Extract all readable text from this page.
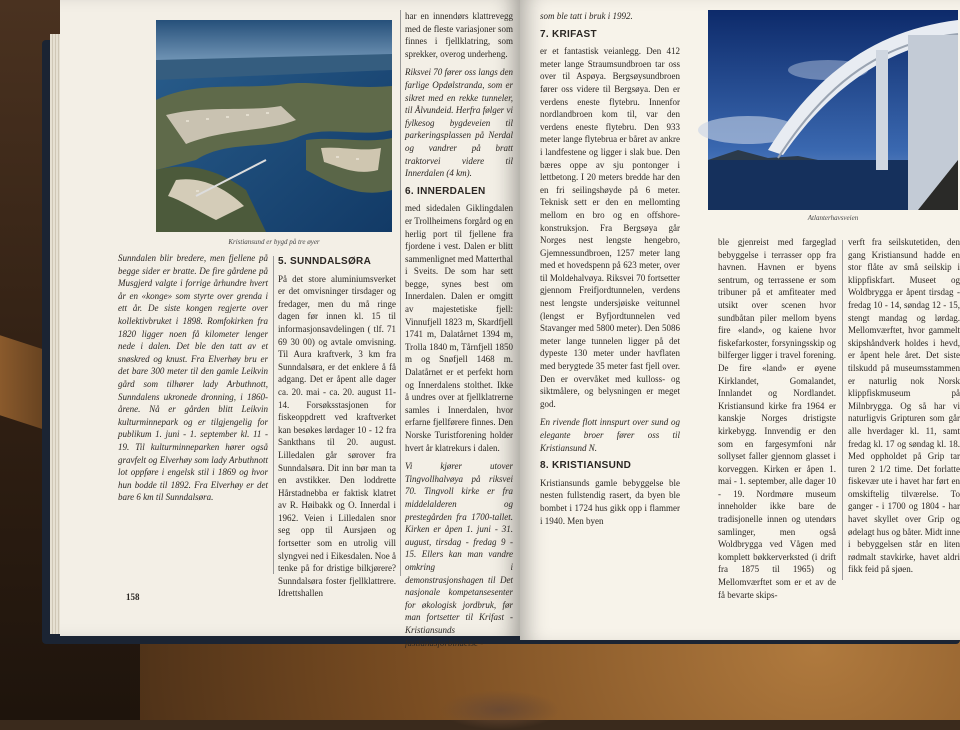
Kristiansund er bygd på tre øyer

Sunndalen blir bredere, men fjellene på begge sider er bratte. De fire gårdene på Musgjerd valgte i forrige århundre hvert år en «konge» som styrte over grenda i ett år. De siste kongen regjerte over kollektivbruket i 1898. Romfokirken fra 1820 ligger noen få kilometer lenger nede i dalen. Det ble den tatt av et snøskred og knust. Fra Elverhøy bru er det bare 300 meter til den gamle Leikvin gård som tilhører lady Arbuthnott, Sunndalens ukronede dronning, i 1860-årene. Nå er gården blitt Leikvin kulturminnepark og er tilgjengelig for publikum 1. juni - 1. september kl. 11 - 19. Til kulturminneparken hører også gravfelt og Elverhøy som lady Arbuthnott lot oppføre i engelsk stil i 1869 og hvor hun bodde til 1892. Fra Elverhøy er det bare 6 km til Sunndalsøra.

5. SUNNDALSØRA

På det store aluminiumsverket er det omvisninger tirsdager og fredager, men du må ringe dagen før innen kl. 15 til informasjonsavdelingen ( tlf. 71 69 30 00) og avtale omvisning. Til Aura kraftverk, 3 km fra Sunndalsøra, er det enklere å få adgang. Det er åpent alle dager ca. 20. mai - ca. 20. august 11-14. Forsøksstasjonen for fiskeoppdrett ved kraftverket kan besøkes lørdager 10 - 12 fra Sankthans til 20. august. Lilledalen går sørover fra Sunndalsøra. Dit inn bør man ta en avstikker. Den loddrette Hårstadnebba er faktisk klatret av R. Høibakk og O. Innerdal i 1962. Veien i Lilledalen snor seg opp til Aursjøen og fortsetter som en utrolig vill slyngvei ned i Eikesdalen. Noe å tenke på for dristige bilkjørere? Sunndalsøra foster fjellklattrere. Idrettshallen

har en innendørs klattrevegg med de fleste variasjoner som finnes i fjellklatring, som sprekker, overog underheng.

Riksvei 70 fører oss langs den farlige Opdølstranda, som er sikret med en rekke tunneler, til Ålvundeid. Herfra følger vi fylkesog bygdeveien til parkeringsplassen på Nerdal og vandrer på bratt traktorvei videre til Innerdalen (4 km).

6. INNERDALEN

med sidedalen Giklingdalen er Trollheimens forgård og en herlig port til fjellene fra fjordene i vest. Dalen er blitt sammenlignet med Matterthal i Sveits. De som har sett begge, synes best om Innerdalen. Dalen er omgitt av majestetiske fjell: Vinnufjell 1823 m, Skardfjell 1741 m, Dalatårnet 1394 m, Trolla 1840 m, Tårnfjell 1850 m og Snøfjell 1468 m. Dalatårnet er et perfekt horn og Innerdalens stolthet. Ikke å undres over at fjellklatrerne samles i Innerdalen, hvor erfarne fjellførere finnes. Den Norske Turistforening holder hvert år klatrekurs i dalen.

Vi kjører utover Tingvollhalvøya på riksvei 70. Tingvoll kirke er fra middelalderen og prestegården fra 1700-tallet. Kirken er åpen 1. juni - 31. august, tirsdag - fredag 9 - 15. Ellers kan man vandre omkring i demonstrasjonshagen til Det nasjonale kompetansesenter for økologisk jordbruk, før man fortsetter til Krifast - Kristiansunds fastlandsforbindelse -

158

som ble tatt i bruk i 1992.

7. KRIFAST

er et fantastisk veianlegg. Den 412 meter lange Straumsundbroen tar oss over til Aspøya. Bergsøysundbroen fører oss videre til Bergsøya. Den er verdens eneste flytebru. Innenfor nordlandbroen kom til, var den verdens eneste flytebru. Den 933 meter lange flytebrua er båret av ankre i landfestene og ligger i slak bue. Den bæres oppe av sju pontonger i lettbetong. I 20 meters bredde har den en fri seilingshøyde på 6 meter. Teknisk sett er den en mellomting mellom en bro og en offshore-konstruksjon. Fra Bergsøya går Norges nest lengste hengebro, Gjemnessundbroen, 1257 meter lang med et hovedspenn på 623 meter, over til Moldehalvøya. Riksvei 70 fortsetter gjennom Freifjordtunnelen, verdens nest lengste undersjøiske veitunnel (lengst er Byfjordtunnelen ved Stavanger med 5800 meter). Den 5086 meter lange tunnelen ligger på det dypeste 130 meter under havflaten med berygtede 35 meter fast fjell over. Den er overvåket med kulloss- og siktmålere, og belysningen er meget god.

En rivende flott innspurt over sund og elegante broer fører oss til Kristiansund N.

8. KRISTIANSUND

Kristiansunds gamle bebyggelse ble nesten fullstendig rasert, da byen ble bombet i 1724 hus gikk opp i flammer i 1940. Men byen

Atlanterhavsveien

ble gjenreist med fargeglad bebyggelse i terrasser opp fra havnen. Havnen er byens sentrum, og terrassene er som tribuner på et amfiteater med utsikt over scenen hvor sundbåtan piler mellom byens fire «land», og kaiene hvor fiskefarkoster, forsyningsskip og bilferger ligger i travel forening. De fire «land» er øyene Kirklandet, Gomalandet, Innlandet og Nordlandet. Kristiansund kirke fra 1964 er kanskje Norges dristigste kirkebygg. Innvendig er den som en fargesymfoni når sollyset faller gjennom glasset i korveggen. Kirken er åpen 1. mai - 1. september, alle dager 10 - 19. Nordmøre museum inneholder ikke bare de tradisjonelle innen og utendørs samlinger, men også Woldbrygga ved Vågen med komplett bøkkerverksted (i drift fra 1875 til 1965) og Mellomværftet som er et av de få bevarte skips-

verft fra seilskutetiden, den gang Kristiansund hadde en stor flåte av små seilskip i klippfiskfart. Museet og Woldbrygga er åpent tirsdag - fredag 10 - 14, søndag 12 - 15, stengt mandag og lørdag. Mellomværftet, hvor gammelt skipshåndverk holdes i hevd, er åpent hele året. Det siste tilskudd på museumsstammen er naturlig nok Norsk klippfiskmuseum på Milnbrygga. Og så har vi naturligvis Gripturen som går alle hverdager kl. 11, samt fredag kl. 17 og søndag kl. 18. Med oppholdet på Grip tar turen 2 1/2 time. Det forlatte fiskevær ute i havet har ført en omskiftelig tilværelse. To ganger - i 1700 og 1804 - har havet skyllet over Grip og ødelagt hus og båter. Midt inne i bebyggelsen står en liten rødmalt stavkirke, havet aldri fikk feid på sjøen.
